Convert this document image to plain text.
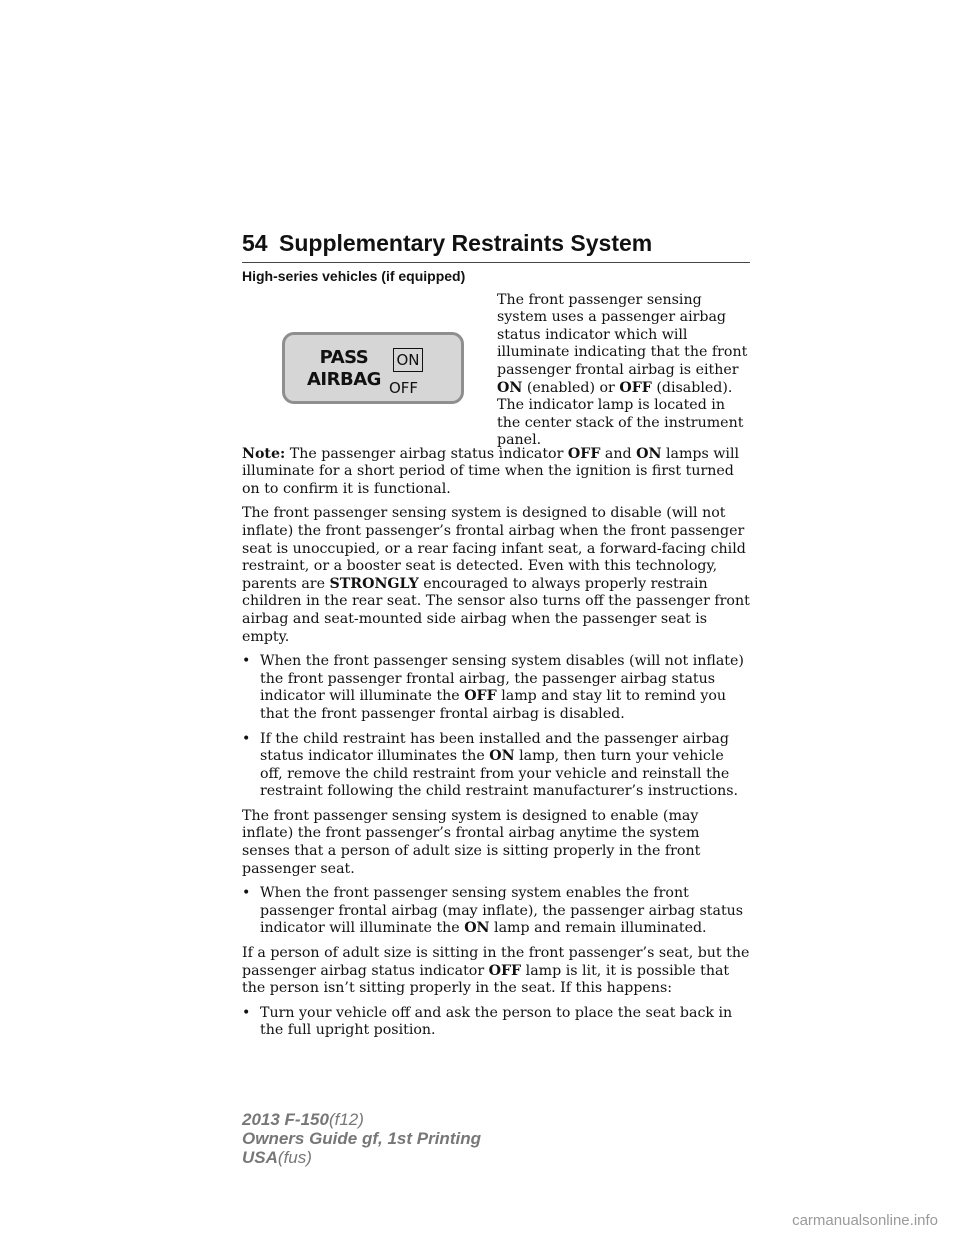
54 Supplementary Restraints System
High-series vehicles (if equipped)
PASS
AIRBAG
ON
OFF
The front passenger sensing system uses a passenger airbag status indicator which will illuminate indicating that the front passenger frontal airbag is either ON (enabled) or OFF (disabled). The indicator lamp is located in the center stack of the instrument panel.

Note: The passenger airbag status indicator OFF and ON lamps will illuminate for a short period of time when the ignition is first turned on to confirm it is functional.

The front passenger sensing system is designed to disable (will not inflate) the front passenger’s frontal airbag when the front passenger seat is unoccupied, or a rear facing infant seat, a forward-facing child restraint, or a booster seat is detected. Even with this technology, parents are STRONGLY encouraged to always properly restrain children in the rear seat. The sensor also turns off the passenger front airbag and seat-mounted side airbag when the passenger seat is empty.

• When the front passenger sensing system disables (will not inflate) the front passenger frontal airbag, the passenger airbag status indicator will illuminate the OFF lamp and stay lit to remind you that the front passenger frontal airbag is disabled.
• If the child restraint has been installed and the passenger airbag status indicator illuminates the ON lamp, then turn your vehicle off, remove the child restraint from your vehicle and reinstall the restraint following the child restraint manufacturer’s instructions.

The front passenger sensing system is designed to enable (may inflate) the front passenger’s frontal airbag anytime the system senses that a person of adult size is sitting properly in the front passenger seat.

• When the front passenger sensing system enables the front passenger frontal airbag (may inflate), the passenger airbag status indicator will illuminate the ON lamp and remain illuminated.

If a person of adult size is sitting in the front passenger’s seat, but the passenger airbag status indicator OFF lamp is lit, it is possible that the person isn’t sitting properly in the seat. If this happens:

• Turn your vehicle off and ask the person to place the seat back in the full upright position.
2013 F-150(f12)
Owners Guide gf, 1st Printing
USA(fus)
carmanualsonline.info
